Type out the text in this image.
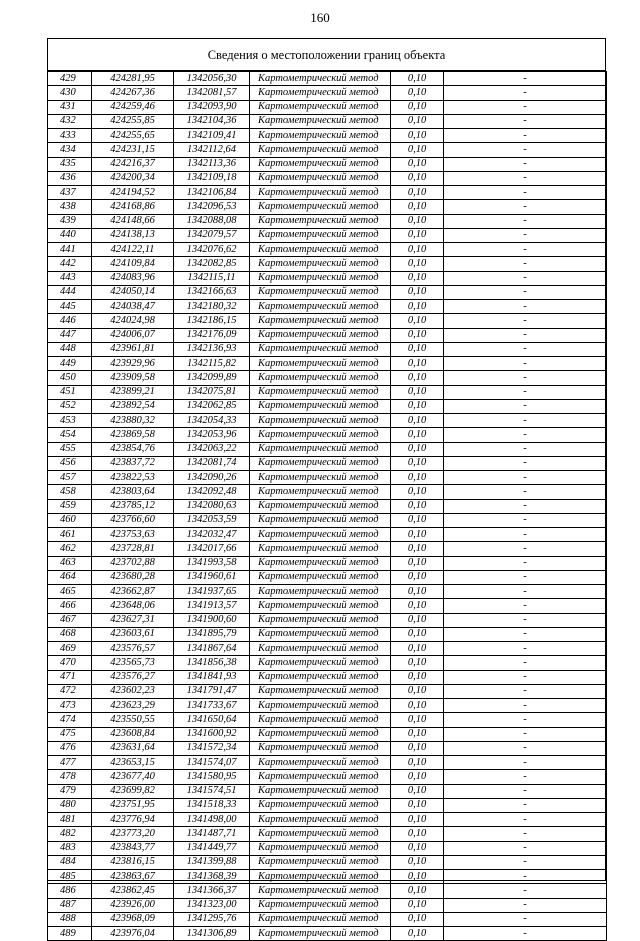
160
Сведения о местоположении границ объекта
429	424281,95	1342056,30	Картометрический метод	0,10	-
430	424267,36	1342081,57	Картометрический метод	0,10	-
431	424259,46	1342093,90	Картометрический метод	0,10	-
432	424255,85	1342104,36	Картометрический метод	0,10	-
433	424255,65	1342109,41	Картометрический метод	0,10	-
434	424231,15	1342112,64	Картометрический метод	0,10	-
435	424216,37	1342113,36	Картометрический метод	0,10	-
436	424200,34	1342109,18	Картометрический метод	0,10	-
437	424194,52	1342106,84	Картометрический метод	0,10	-
438	424168,86	1342096,53	Картометрический метод	0,10	-
439	424148,66	1342088,08	Картометрический метод	0,10	-
440	424138,13	1342079,57	Картометрический метод	0,10	-
441	424122,11	1342076,62	Картометрический метод	0,10	-
442	424109,84	1342082,85	Картометрический метод	0,10	-
443	424083,96	1342115,11	Картометрический метод	0,10	-
444	424050,14	1342166,63	Картометрический метод	0,10	-
445	424038,47	1342180,32	Картометрический метод	0,10	-
446	424024,98	1342186,15	Картометрический метод	0,10	-
447	424006,07	1342176,09	Картометрический метод	0,10	-
448	423961,81	1342136,93	Картометрический метод	0,10	-
449	423929,96	1342115,82	Картометрический метод	0,10	-
450	423909,58	1342099,89	Картометрический метод	0,10	-
451	423899,21	1342075,81	Картометрический метод	0,10	-
452	423892,54	1342062,85	Картометрический метод	0,10	-
453	423880,32	1342054,33	Картометрический метод	0,10	-
454	423869,58	1342053,96	Картометрический метод	0,10	-
455	423854,76	1342063,22	Картометрический метод	0,10	-
456	423837,72	1342081,74	Картометрический метод	0,10	-
457	423822,53	1342090,26	Картометрический метод	0,10	-
458	423803,64	1342092,48	Картометрический метод	0,10	-
459	423785,12	1342080,63	Картометрический метод	0,10	-
460	423766,60	1342053,59	Картометрический метод	0,10	-
461	423753,63	1342032,47	Картометрический метод	0,10	-
462	423728,81	1342017,66	Картометрический метод	0,10	-
463	423702,88	1341993,58	Картометрический метод	0,10	-
464	423680,28	1341960,61	Картометрический метод	0,10	-
465	423662,87	1341937,65	Картометрический метод	0,10	-
466	423648,06	1341913,57	Картометрический метод	0,10	-
467	423627,31	1341900,60	Картометрический метод	0,10	-
468	423603,61	1341895,79	Картометрический метод	0,10	-
469	423576,57	1341867,64	Картометрический метод	0,10	-
470	423565,73	1341856,38	Картометрический метод	0,10	-
471	423576,27	1341841,93	Картометрический метод	0,10	-
472	423602,23	1341791,47	Картометрический метод	0,10	-
473	423623,29	1341733,67	Картометрический метод	0,10	-
474	423550,55	1341650,64	Картометрический метод	0,10	-
475	423608,84	1341600,92	Картометрический метод	0,10	-
476	423631,64	1341572,34	Картометрический метод	0,10	-
477	423653,15	1341574,07	Картометрический метод	0,10	-
478	423677,40	1341580,95	Картометрический метод	0,10	-
479	423699,82	1341574,51	Картометрический метод	0,10	-
480	423751,95	1341518,33	Картометрический метод	0,10	-
481	423776,94	1341498,00	Картометрический метод	0,10	-
482	423773,20	1341487,71	Картометрический метод	0,10	-
483	423843,77	1341449,77	Картометрический метод	0,10	-
484	423816,15	1341399,88	Картометрический метод	0,10	-
485	423863,67	1341368,39	Картометрический метод	0,10	-
486	423862,45	1341366,37	Картометрический метод	0,10	-
487	423926,00	1341323,00	Картометрический метод	0,10	-
488	423968,09	1341295,76	Картометрический метод	0,10	-
489	423976,04	1341306,89	Картометрический метод	0,10	-
